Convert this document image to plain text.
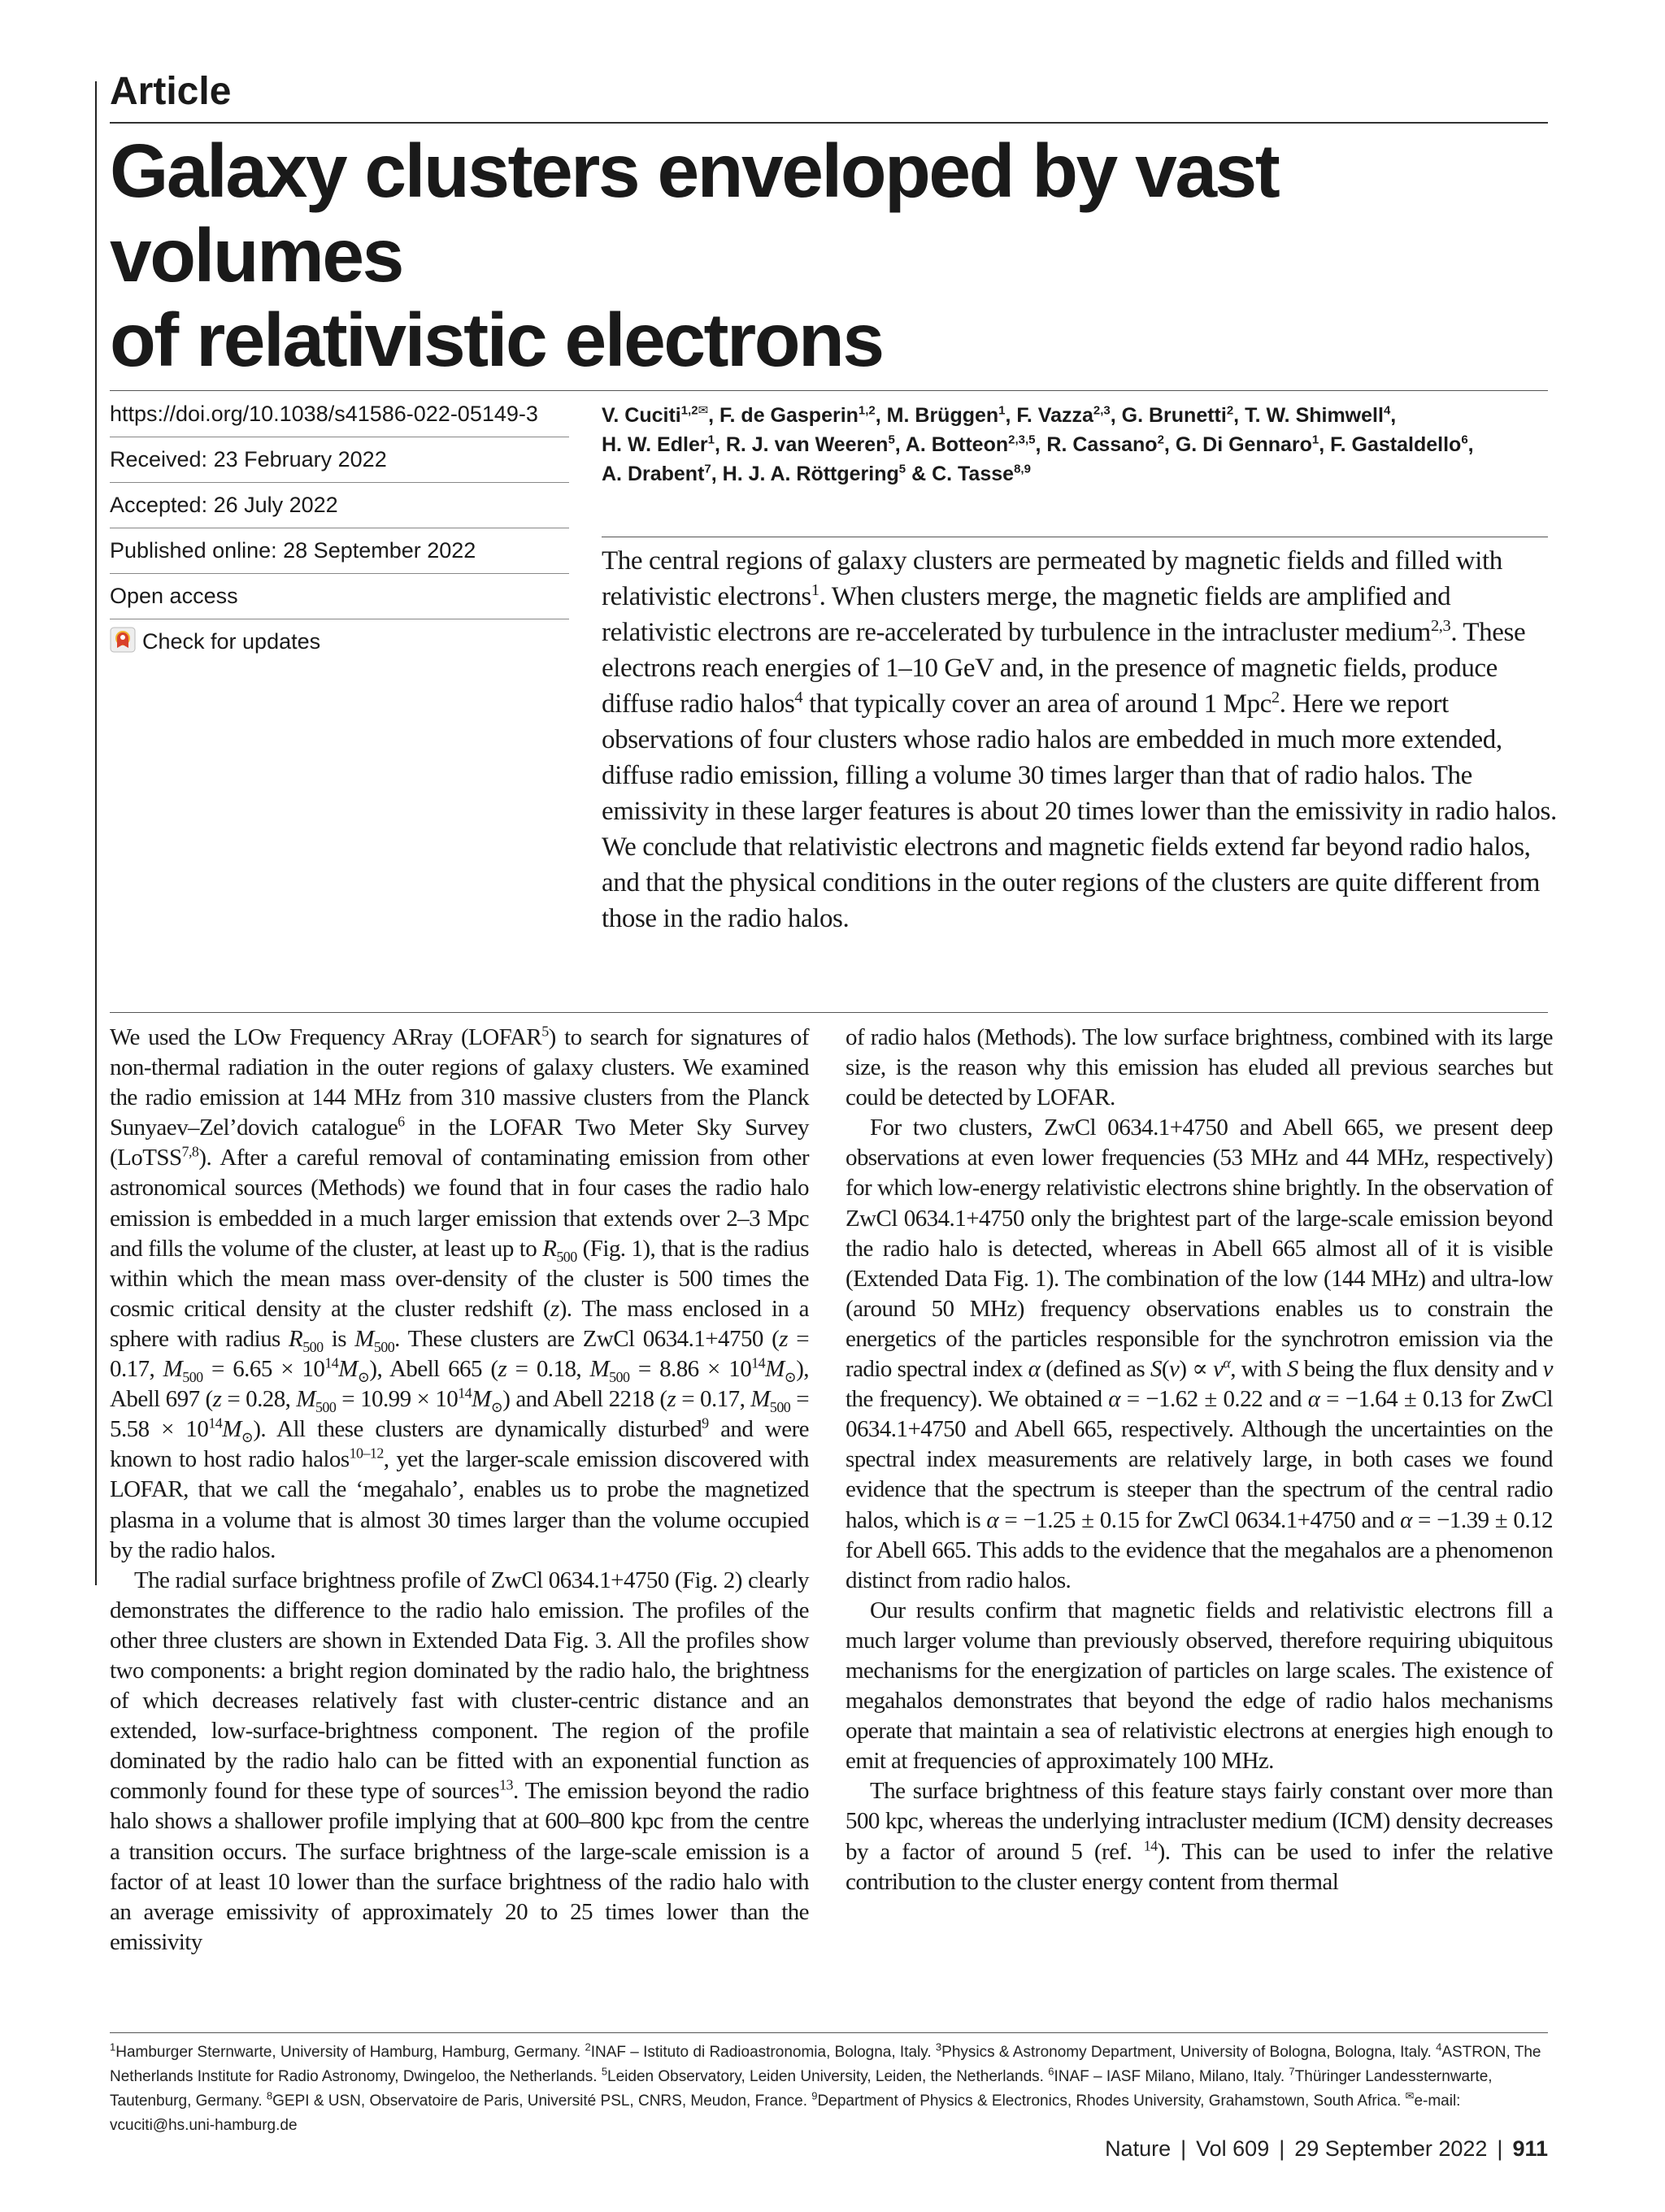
Article
Galaxy clusters enveloped by vast volumes
of relativistic electrons
https://doi.org/10.1038/s41586-022-05149-3
Received: 23 February 2022
Accepted: 26 July 2022
Published online: 28 September 2022
Open access
Check for updates
V. Cuciti$^{1,2✉}$, F. de Gasperin$^{1,2}$, M. Brüggen$^1$, F. Vazza$^{2,3}$, G. Brunetti$^2$, T. W. Shimwell$^4$,
H. W. Edler$^1$, R. J. van Weeren$^5$, A. Botteon$^{2,3,5}$, R. Cassano$^2$, G. Di Gennaro$^1$, F. Gastaldello$^6$,
A. Drabent$^7$, H. J. A. Röttgering$^5$ & C. Tasse$^{8,9}$
The central regions of galaxy clusters are permeated by magnetic fields and filled with relativistic electrons$^1$. When clusters merge, the magnetic fields are amplified and relativistic electrons are re-accelerated by turbulence in the intracluster medium$^{2,3}$. These electrons reach energies of 1–10 GeV and, in the presence of magnetic fields, produce diffuse radio halos$^4$ that typically cover an area of around 1 Mpc$^2$. Here we report observations of four clusters whose radio halos are embedded in much more extended, diffuse radio emission, filling a volume 30 times larger than that of radio halos. The emissivity in these larger features is about 20 times lower than the emissivity in radio halos. We conclude that relativistic electrons and magnetic fields extend far beyond radio halos, and that the physical conditions in the outer regions of the clusters are quite different from those in the radio halos.

We used the LOw Frequency ARray (LOFAR$^5$) to search for signatures of non-thermal radiation in the outer regions of galaxy clusters. We examined the radio emission at 144 MHz from 310 massive clusters from the Planck Sunyaev–Zel’dovich catalogue$^6$ in the LOFAR Two Meter Sky Survey (LoTSS$^{7,8}$). After a careful removal of contaminating emission from other astronomical sources (Methods) we found that in four cases the radio halo emission is embedded in a much larger emission that extends over 2–3 Mpc and fills the volume of the cluster, at least up to $R_{500}$ (Fig. 1), that is the radius within which the mean mass over-density of the cluster is 500 times the cosmic critical density at the cluster redshift (z). The mass enclosed in a sphere with radius $R_{500}$ is $M_{500}$. These clusters are ZwCl 0634.1+4750 (z = 0.17, $M_{500} = 6.65 \times 10^{14}M_⊙$), Abell 665 (z = 0.18, $M_{500} = 8.86 \times 10^{14}M_⊙$), Abell 697 (z = 0.28, $M_{500} = 10.99 \times 10^{14}M_⊙$) and Abell 2218 (z = 0.17, $M_{500} = 5.58 \times 10^{14}M_⊙$). All these clusters are dynamically disturbed$^9$ and were known to host radio halos$^{10-12}$, yet the larger-scale emission discovered with LOFAR, that we call the ‘megahalo’, enables us to probe the magnetized plasma in a volume that is almost 30 times larger than the volume occupied by the radio halos.

The radial surface brightness profile of ZwCl 0634.1+4750 (Fig. 2) clearly demonstrates the difference to the radio halo emission. The profiles of the other three clusters are shown in Extended Data Fig. 3. All the profiles show two components: a bright region dominated by the radio halo, the brightness of which decreases relatively fast with cluster-centric distance and an extended, low-surface-brightness component. The region of the profile dominated by the radio halo can be fitted with an exponential function as commonly found for these type of sources$^{13}$. The emission beyond the radio halo shows a shallower profile implying that at 600–800 kpc from the centre a transition occurs. The surface brightness of the large-scale emission is a factor of at least 10 lower than the surface brightness of the radio halo with an average emissivity of approximately 20 to 25 times lower than the emissivity

of radio halos (Methods). The low surface brightness, combined with its large size, is the reason why this emission has eluded all previous searches but could be detected by LOFAR.

For two clusters, ZwCl 0634.1+4750 and Abell 665, we present deep observations at even lower frequencies (53 MHz and 44 MHz, respectively) for which low-energy relativistic electrons shine brightly. In the observation of ZwCl 0634.1+4750 only the brightest part of the large-scale emission beyond the radio halo is detected, whereas in Abell 665 almost all of it is visible (Extended Data Fig. 1). The combination of the low (144 MHz) and ultra-low (around 50 MHz) frequency observations enables us to constrain the energetics of the particles responsible for the synchrotron emission via the radio spectral index α (defined as $S(\nu) \propto \nu^\alpha$, with S being the flux density and ν the frequency). We obtained α = −1.62 ± 0.22 and α = −1.64 ± 0.13 for ZwCl 0634.1+4750 and Abell 665, respectively. Although the uncertainties on the spectral index measurements are relatively large, in both cases we found evidence that the spectrum is steeper than the spectrum of the central radio halos, which is α = −1.25 ± 0.15 for ZwCl 0634.1+4750 and α = −1.39 ± 0.12 for Abell 665. This adds to the evidence that the megahalos are a phenomenon distinct from radio halos.

Our results confirm that magnetic fields and relativistic electrons fill a much larger volume than previously observed, therefore requiring ubiquitous mechanisms for the energization of particles on large scales. The existence of megahalos demonstrates that beyond the edge of radio halos mechanisms operate that maintain a sea of relativistic electrons at energies high enough to emit at frequencies of approximately 100 MHz.

The surface brightness of this feature stays fairly constant over more than 500 kpc, whereas the underlying intracluster medium (ICM) density decreases by a factor of around 5 (ref. $^{14}$). This can be used to infer the relative contribution to the cluster energy content from thermal

$^1$Hamburger Sternwarte, University of Hamburg, Hamburg, Germany. $^2$INAF – Istituto di Radioastronomia, Bologna, Italy. $^3$Physics & Astronomy Department, University of Bologna, Bologna, Italy. $^4$ASTRON, The Netherlands Institute for Radio Astronomy, Dwingeloo, the Netherlands. $^5$Leiden Observatory, Leiden University, Leiden, the Netherlands. $^6$INAF – IASF Milano, Milano, Italy. $^7$Thüringer Landessternwarte, Tautenburg, Germany. $^8$GEPI & USN, Observatoire de Paris, Université PSL, CNRS, Meudon, France. $^9$Department of Physics & Electronics, Rhodes University, Grahamstown, South Africa. ✉e-mail: vcuciti@hs.uni-hamburg.de
Nature | Vol 609 | 29 September 2022 | 911
